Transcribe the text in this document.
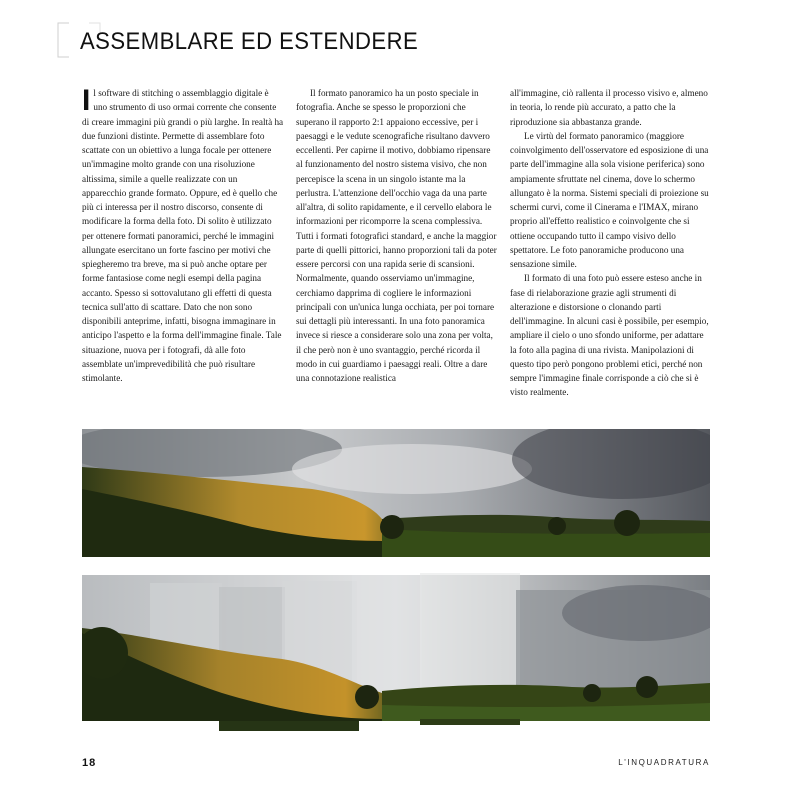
ASSEMBLARE ED ESTENDERE

Il software di stitching o assemblaggio digitale è uno strumento di uso ormai corrente che consente di creare immagini più grandi o più larghe. In realtà ha due funzioni distinte. Permette di assemblare foto scattate con un obiettivo a lunga focale per ottenere un'immagine molto grande con una risoluzione altissima, simile a quelle realizzate con un apparecchio grande formato. Oppure, ed è quello che più ci interessa per il nostro discorso, consente di modificare la forma della foto. Di solito è utilizzato per ottenere formati panoramici, perché le immagini allungate esercitano un forte fascino per motivi che spiegheremo tra breve, ma si può anche optare per forme fantasiose come negli esempi della pagina accanto. Spesso si sottovalutano gli effetti di questa tecnica sull'atto di scattare. Dato che non sono disponibili anteprime, infatti, bisogna immaginare in anticipo l'aspetto e la forma dell'immagine finale. Tale situazione, nuova per i fotografi, dà alle foto assemblate un'imprevedibilità che può risultare stimolante.

Il formato panoramico ha un posto speciale in fotografia. Anche se spesso le proporzioni che superano il rapporto 2:1 appaiono eccessive, per i paesaggi e le vedute scenografiche risultano davvero eccellenti. Per capirne il motivo, dobbiamo ripensare al funzionamento del nostro sistema visivo, che non percepisce la scena in un singolo istante ma la perlustra. L'attenzione dell'occhio vaga da una parte all'altra, di solito rapidamente, e il cervello elabora le informazioni per ricomporre la scena complessiva. Tutti i formati fotografici standard, e anche la maggior parte di quelli pittorici, hanno proporzioni tali da poter essere percorsi con una rapida serie di scansioni. Normalmente, quando osserviamo un'immagine, cerchiamo dapprima di cogliere le informazioni principali con un'unica lunga occhiata, per poi tornare sui dettagli più interessanti. In una foto panoramica invece si riesce a considerare solo una zona per volta, il che però non è uno svantaggio, perché ricorda il modo in cui guardiamo i paesaggi reali. Oltre a dare una connotazione realistica

all'immagine, ciò rallenta il processo visivo e, almeno in teoria, lo rende più accurato, a patto che la riproduzione sia abbastanza grande.

Le virtù del formato panoramico (maggiore coinvolgimento dell'osservatore ed esposizione di una parte dell'immagine alla sola visione periferica) sono ampiamente sfruttate nel cinema, dove lo schermo allungato è la norma. Sistemi speciali di proiezione su schermi curvi, come il Cinerama e l'IMAX, mirano proprio all'effetto realistico e coinvolgente che si ottiene occupando tutto il campo visivo dello spettatore. Le foto panoramiche producono una sensazione simile.

Il formato di una foto può essere esteso anche in fase di rielaborazione grazie agli strumenti di alterazione e distorsione o clonando parti dell'immagine. In alcuni casi è possibile, per esempio, ampliare il cielo o uno sfondo uniforme, per adattare la foto alla pagina di una rivista. Manipolazioni di questo tipo però pongono problemi etici, perché non sempre l'immagine finale corrisponde a ciò che si è visto realmente.

18	L'INQUADRATURA
